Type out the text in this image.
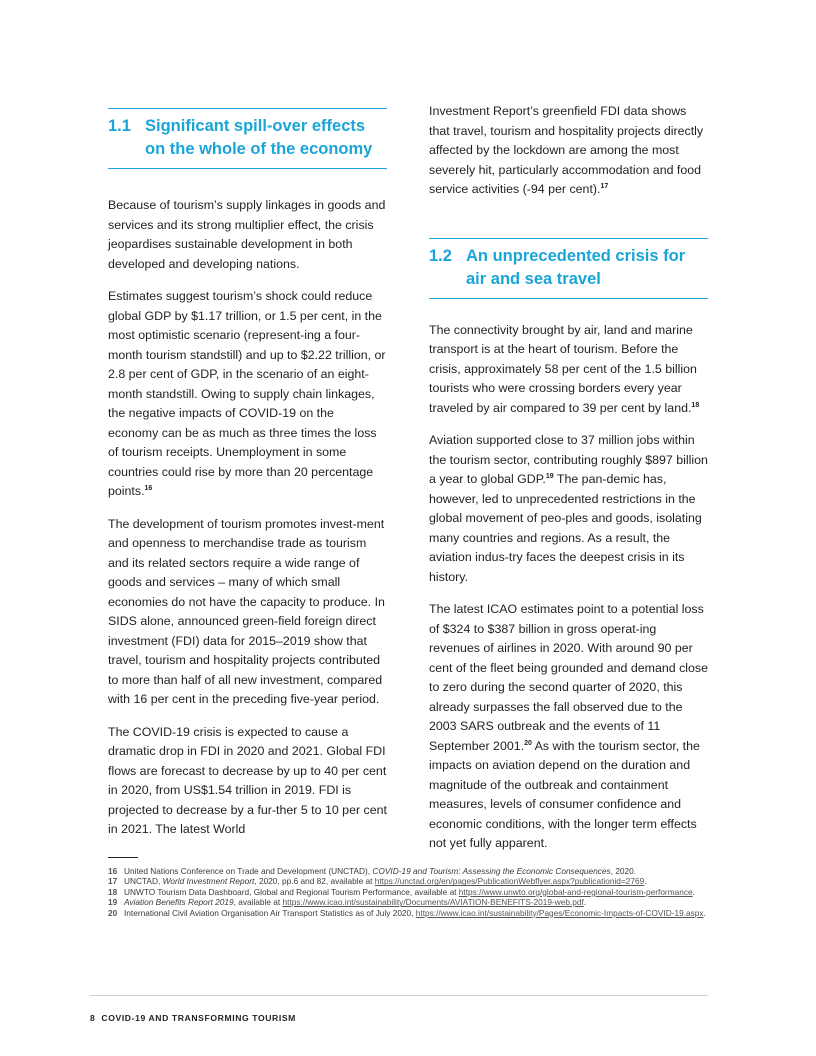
1.1 Significant spill-over effects on the whole of the economy

Because of tourism’s supply linkages in goods and services and its strong multiplier effect, the crisis jeopardises sustainable development in both developed and developing nations.

Estimates suggest tourism’s shock could reduce global GDP by $1.17 trillion, or 1.5 per cent, in the most optimistic scenario (represent-ing a four-month tourism standstill) and up to $2.22 trillion, or 2.8 per cent of GDP, in the scenario of an eight-month standstill. Owing to supply chain linkages, the negative impacts of COVID-19 on the economy can be as much as three times the loss of tourism receipts. Unemployment in some countries could rise by more than 20 percentage points.$^{16}$

The development of tourism promotes invest-ment and openness to merchandise trade as tourism and its related sectors require a wide range of goods and services – many of which small economies do not have the capacity to produce. In SIDS alone, announced green-field foreign direct investment (FDI) data for 2015–2019 show that travel, tourism and hospitality projects contributed to more than half of all new investment, compared with 16 per cent in the preceding five-year period.

The COVID-19 crisis is expected to cause a dramatic drop in FDI in 2020 and 2021. Global FDI flows are forecast to decrease by up to 40 per cent in 2020, from US$1.54 trillion in 2019. FDI is projected to decrease by a fur-ther 5 to 10 per cent in 2021. The latest World

Investment Report’s greenfield FDI data shows that travel, tourism and hospitality projects directly affected by the lockdown are among the most severely hit, particularly accommodation and food service activities (-94 per cent).$^{17}$

1.2 An unprecedented crisis for air and sea travel

The connectivity brought by air, land and marine transport is at the heart of tourism. Before the crisis, approximately 58 per cent of the 1.5 billion tourists who were crossing borders every year traveled by air compared to 39 per cent by land.$^{18}$

Aviation supported close to 37 million jobs within the tourism sector, contributing roughly $897 billion a year to global GDP.$^{19}$ The pan-demic has, however, led to unprecedented restrictions in the global movement of peo-ples and goods, isolating many countries and regions. As a result, the aviation indus-try faces the deepest crisis in its history.

The latest ICAO estimates point to a potential loss of $324 to $387 billion in gross operat-ing revenues of airlines in 2020. With around 90 per cent of the fleet being grounded and demand close to zero during the second quarter of 2020, this already surpasses the fall observed due to the 2003 SARS outbreak and the events of 11 September 2001.20 As with the tourism sector, the impacts on aviation depend on the duration and magnitude of the outbreak and containment measures, levels of consumer confidence and economic conditions, with the longer term effects not yet fully apparent.

16 United Nations Conference on Trade and Development (UNCTAD), COVID-19 and Tourism: Assessing the Economic Consequences, 2020.
17 UNCTAD, World Investment Report, 2020, pp.6 and 82, available at https://unctad.org/en/pages/PublicationWebflyer.aspx?publicationid=2769.
18 UNWTO Tourism Data Dashboard, Global and Regional Tourism Performance, available at https://www.unwto.org/global-and-regional-tourism-performance.
19 Aviation Benefits Report 2019, available at https://www.icao.int/sustainability/Documents/AVIATION-BENEFITS-2019-web.pdf.
20 International Civil Aviation Organisation Air Transport Statistics as of July 2020, https://www.icao.int/sustainability/Pages/Economic-Impacts-of-COVID-19.aspx.
8 COVID-19 AND TRANSFORMING TOURISM
